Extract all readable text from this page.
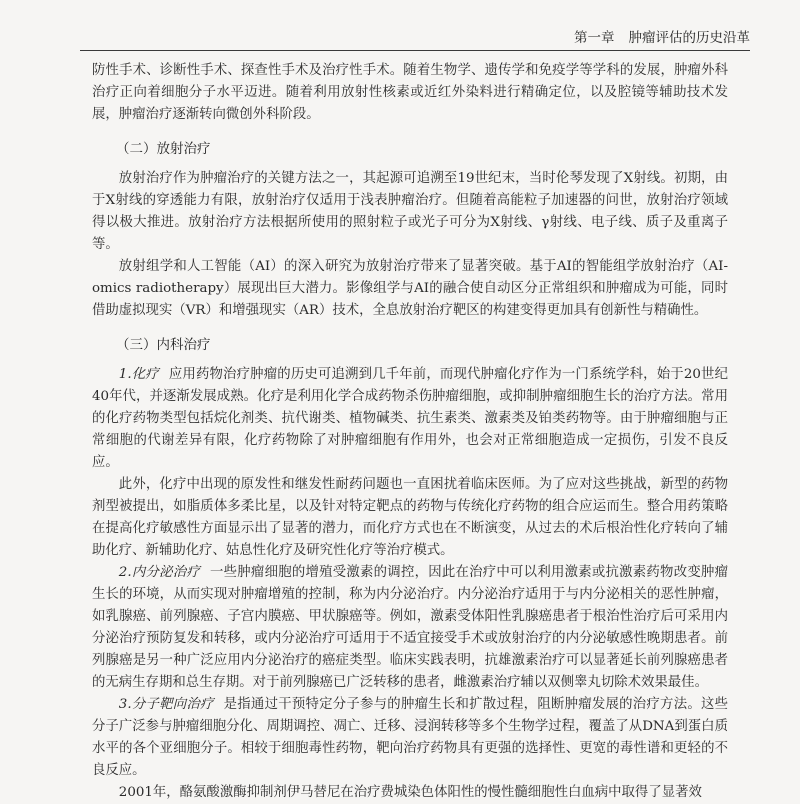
第一章 肿瘤评估的历史沿革

防性手术、诊断性手术、探查性手术及治疗性手术。随着生物学、遗传学和免疫学等学科的发展，肿瘤外科治疗正向着细胞分子水平迈进。随着利用放射性核素或近红外染料进行精确定位，以及腔镜等辅助技术发展，肿瘤治疗逐渐转向微创外科阶段。

（二）放射治疗

放射治疗作为肿瘤治疗的关键方法之一，其起源可追溯至19世纪末，当时伦琴发现了X射线。初期，由于X射线的穿透能力有限，放射治疗仅适用于浅表肿瘤治疗。但随着高能粒子加速器的问世，放射治疗领域得以极大推进。放射治疗方法根据所使用的照射粒子或光子可分为X射线、γ射线、电子线、质子及重离子等。

放射组学和人工智能（AI）的深入研究为放射治疗带来了显著突破。基于AI的智能组学放射治疗（AI-omics radiotherapy）展现出巨大潜力。影像组学与AI的融合使自动区分正常组织和肿瘤成为可能，同时借助虚拟现实（VR）和增强现实（AR）技术，全息放射治疗靶区的构建变得更加具有创新性与精确性。

（三）内科治疗

1.化疗 应用药物治疗肿瘤的历史可追溯到几千年前，而现代肿瘤化疗作为一门系统学科，始于20世纪40年代，并逐渐发展成熟。化疗是利用化学合成药物杀伤肿瘤细胞，或抑制肿瘤细胞生长的治疗方法。常用的化疗药物类型包括烷化剂类、抗代谢类、植物碱类、抗生素类、激素类及铂类药物等。由于肿瘤细胞与正常细胞的代谢差异有限，化疗药物除了对肿瘤细胞有作用外，也会对正常细胞造成一定损伤，引发不良反应。

此外，化疗中出现的原发性和继发性耐药问题也一直困扰着临床医师。为了应对这些挑战，新型的药物剂型被提出，如脂质体多柔比星，以及针对特定靶点的药物与传统化疗药物的组合应运而生。整合用药策略在提高化疗敏感性方面显示出了显著的潜力，而化疗方式也在不断演变，从过去的术后根治性化疗转向了辅助化疗、新辅助化疗、姑息性化疗及研究性化疗等治疗模式。

2.内分泌治疗 一些肿瘤细胞的增殖受激素的调控，因此在治疗中可以利用激素或抗激素药物改变肿瘤生长的环境，从而实现对肿瘤增殖的控制，称为内分泌治疗。内分泌治疗适用于与内分泌相关的恶性肿瘤，如乳腺癌、前列腺癌、子宫内膜癌、甲状腺癌等。例如，激素受体阳性乳腺癌患者于根治性治疗后可采用内分泌治疗预防复发和转移，或内分泌治疗可适用于不适宜接受手术或放射治疗的内分泌敏感性晚期患者。前列腺癌是另一种广泛应用内分泌治疗的癌症类型。临床实践表明，抗雄激素治疗可以显著延长前列腺癌患者的无病生存期和总生存期。对于前列腺癌已广泛转移的患者，雌激素治疗辅以双侧睾丸切除术效果最佳。

3.分子靶向治疗 是指通过干预特定分子参与的肿瘤生长和扩散过程，阻断肿瘤发展的治疗方法。这些分子广泛参与肿瘤细胞分化、周期调控、凋亡、迁移、浸润转移等多个生物学过程，覆盖了从DNA到蛋白质水平的各个亚细胞分子。相较于细胞毒性药物，靶向治疗药物具有更强的选择性、更宽的毒性谱和更轻的不良反应。

2001年，酪氨酸激酶抑制剂伊马替尼在治疗费城染色体阳性的慢性髓细胞性白血病中取得了显著效
